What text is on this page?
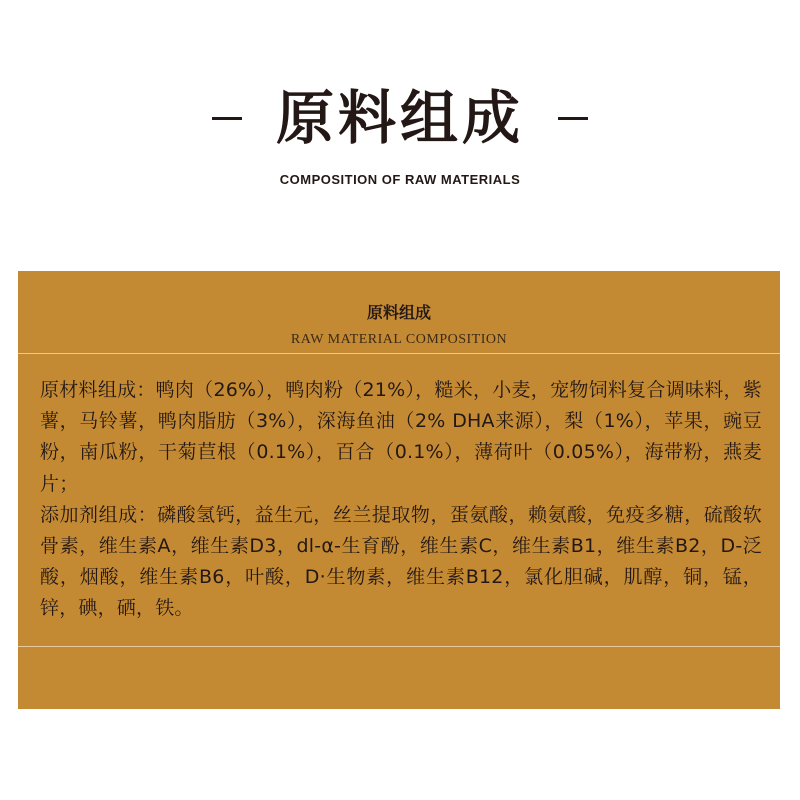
原料组成
COMPOSITION OF RAW MATERIALS
原料组成
RAW MATERIAL COMPOSITION

原材料组成：鸭肉（26%），鸭肉粉（21%），糙米，小麦，宠物饲料复合调味料，紫薯，马铃薯，鸭肉脂肪（3%），深海鱼油（2% DHA来源），梨（1%），苹果，豌豆粉，南瓜粉，干菊苣根（0.1%），百合（0.1%），薄荷叶（0.05%），海带粉，燕麦片；

添加剂组成：磷酸氢钙，益生元，丝兰提取物，蛋氨酸，赖氨酸，免疫多糖，硫酸软骨素，维生素A，维生素D3，dl-α-生育酚，维生素C，维生素B1，维生素B2，D-泛酸，烟酸，维生素B6，叶酸，D·生物素，维生素B12，氯化胆碱，肌醇，铜，锰，锌，碘，硒，铁。
